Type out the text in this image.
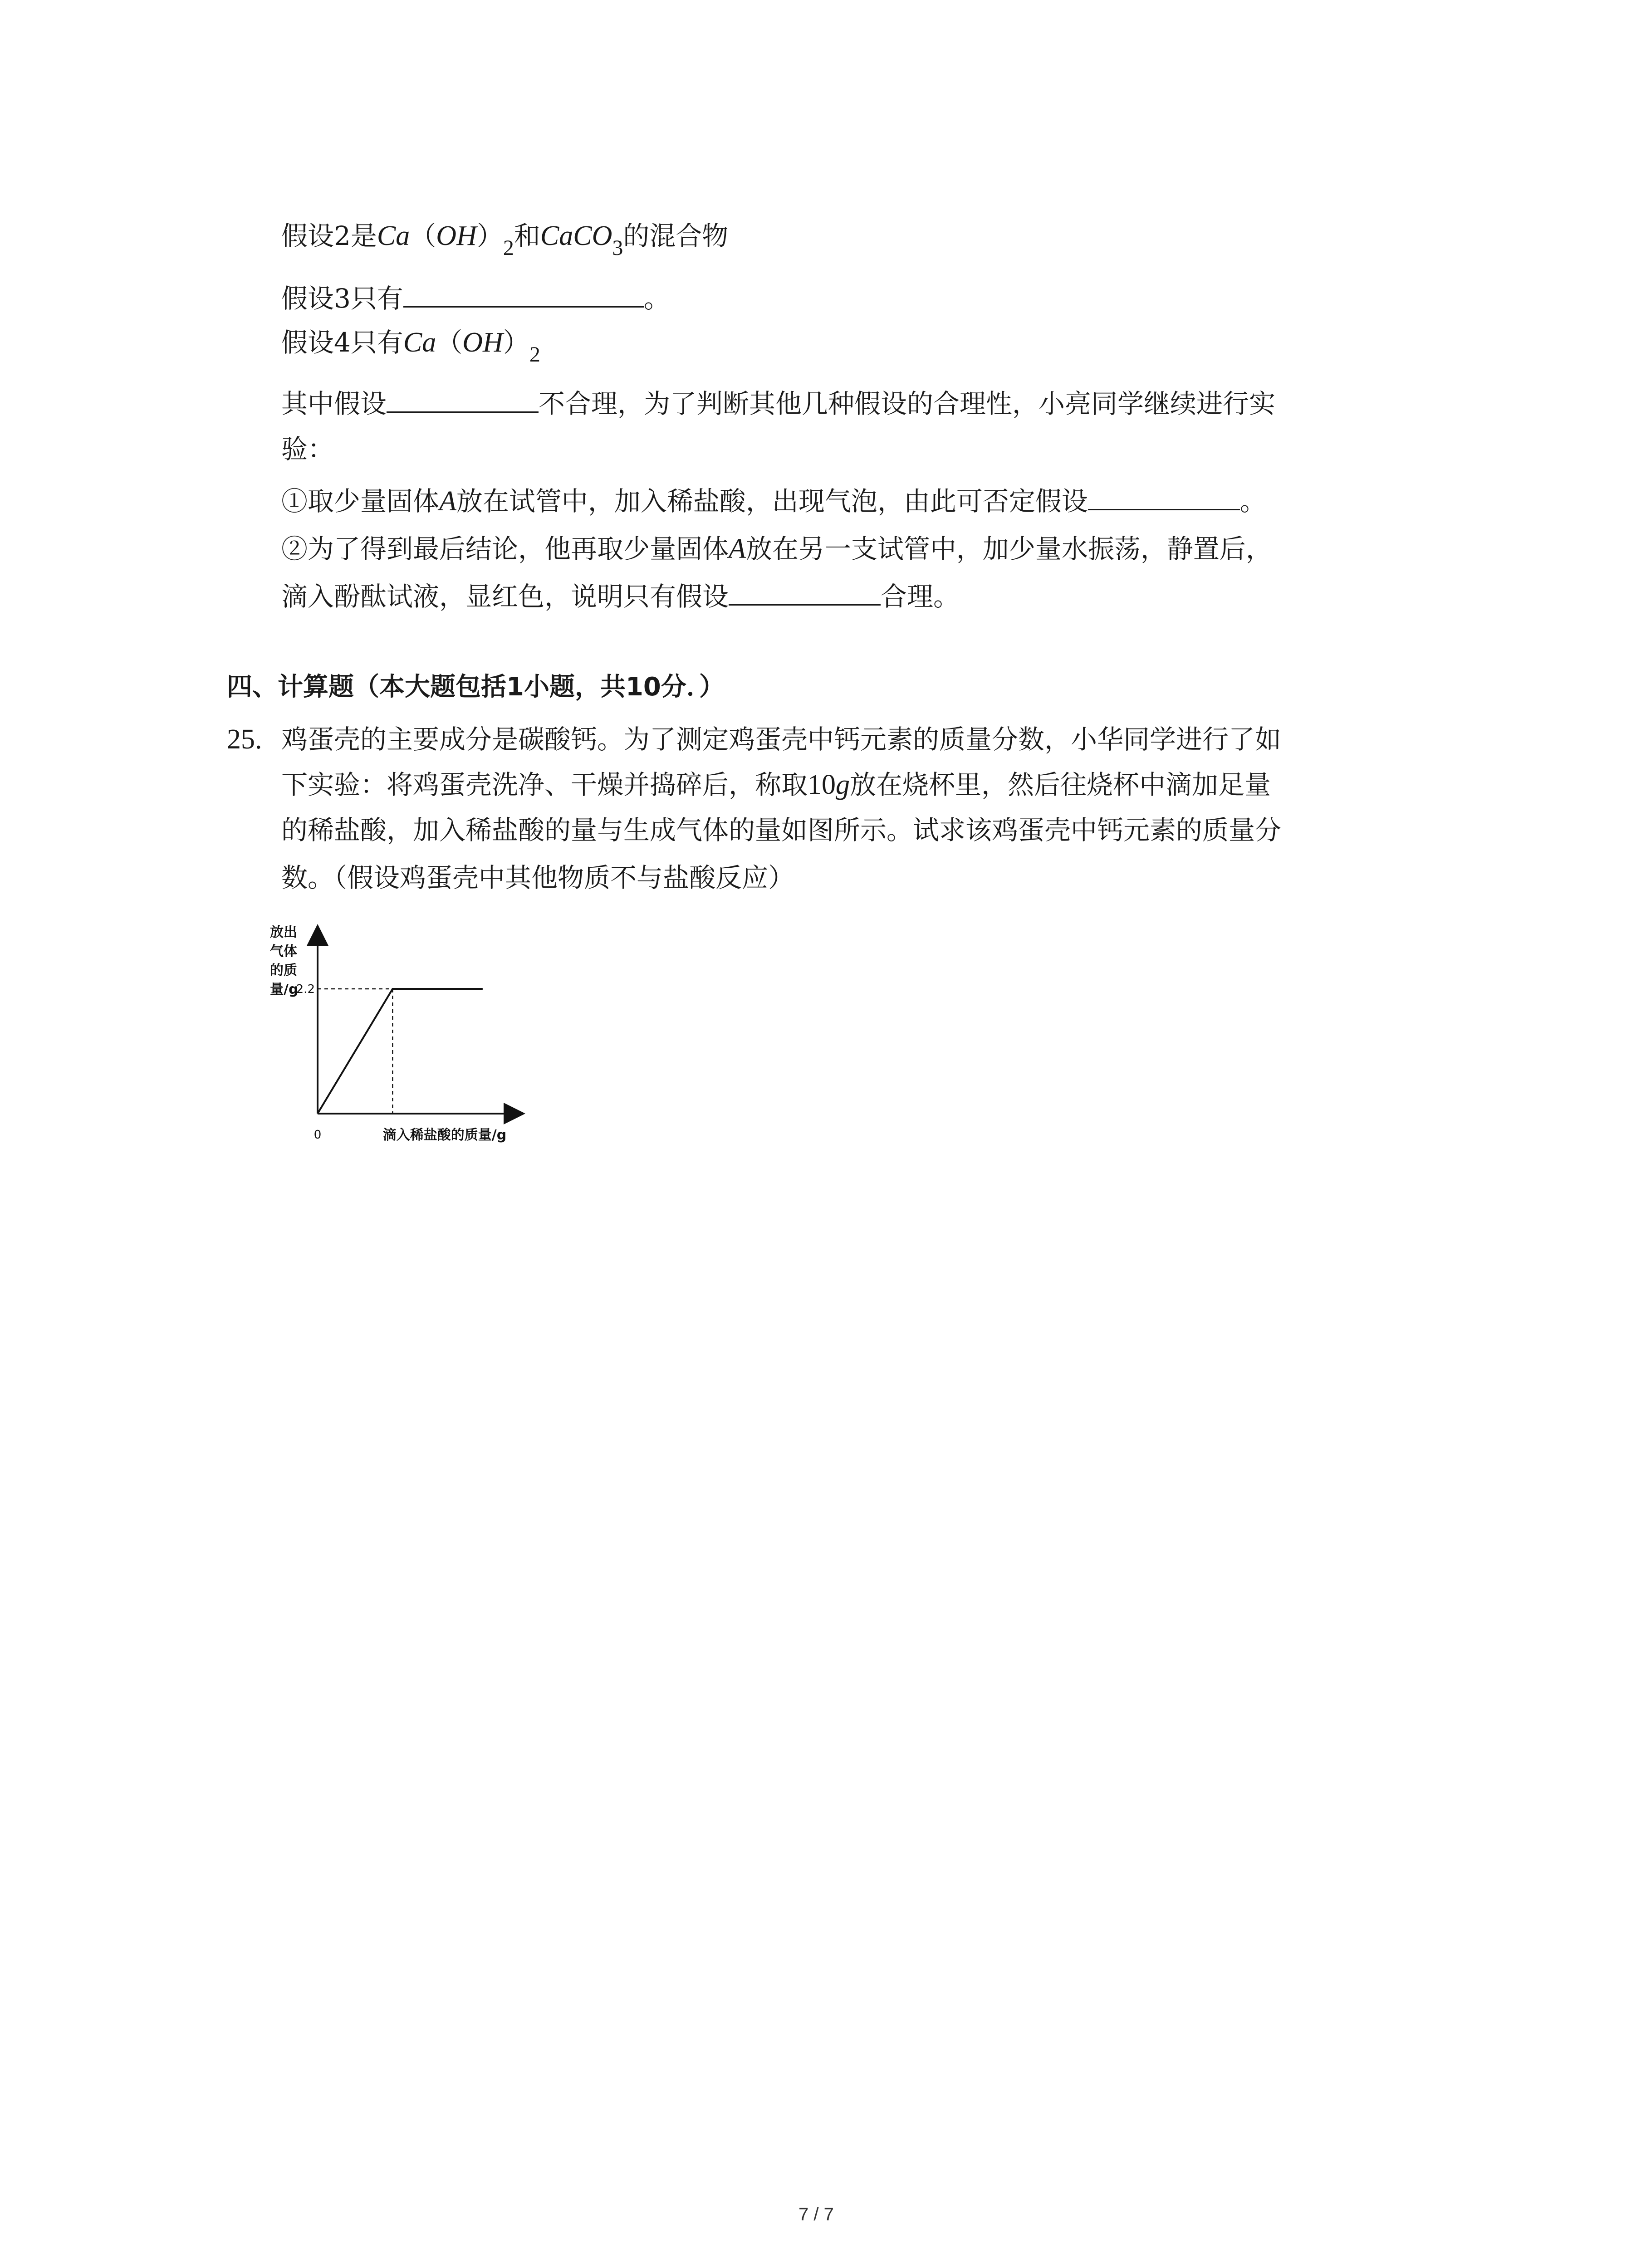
假设2是$Ca(OH)_2$和CaCO$_3$的混合物
假设3只有	。
假设4只有$Ca(OH)_2$
其中假设	不合理，为了判断其他几种假设的合理性，小亮同学继续进行实
验：
①取少量固体A放在试管中，加入稀盐酸，出现气泡，由此可否定假设	。
②为了得到最后结论，他再取少量固体A放在另一支试管中，加少量水振荡，静置后，
滴入酚酞试液，显红色，说明只有假设	合理。
四、计算题（本大题包括1小题，共10分．）
25. 鸡蛋壳的主要成分是碳酸钙。为了测定鸡蛋壳中钙元素的质量分数，小华同学进行了如
下实验：将鸡蛋壳洗净、干燥并捣碎后，称取10g放在烧杯里，然后往烧杯中滴加足量
的稀盐酸，加入稀盐酸的量与生成气体的量如图所示。试求该鸡蛋壳中钙元素的质量分
数。（假设鸡蛋壳中其他物质不与盐酸反应）
放出
气体
的质
量/g
2.2
0	滴入稀盐酸的质量/g
7 / 7
